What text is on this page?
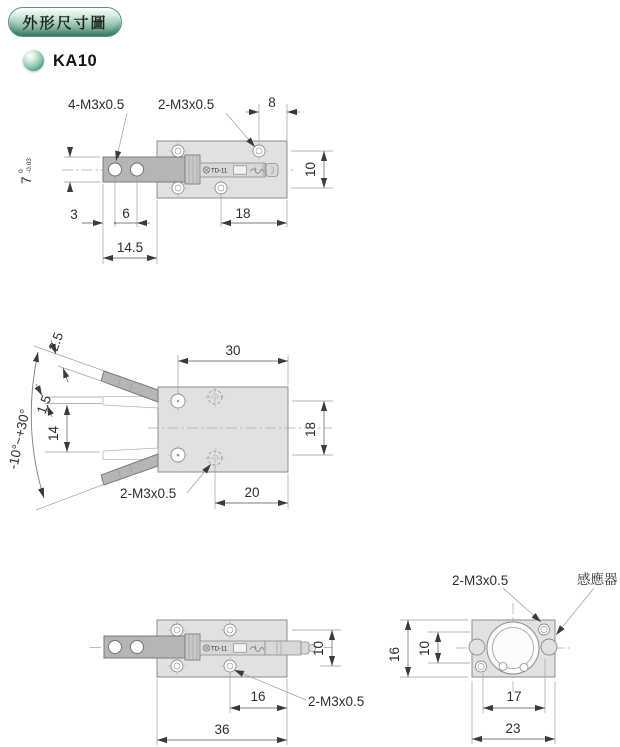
外形尺寸圖
KA10
TD-11
7
0 -0.03
4-M3x0.5 2-M3x0.5	8
10
3	6	18
14.5
-10°~+30°
2.5
1.5
14
30
18
20
2-M3x0.5
TD-11	10
16
36
2-M3x0.5
2-M3x0.5	感應器
16 10
17
23
